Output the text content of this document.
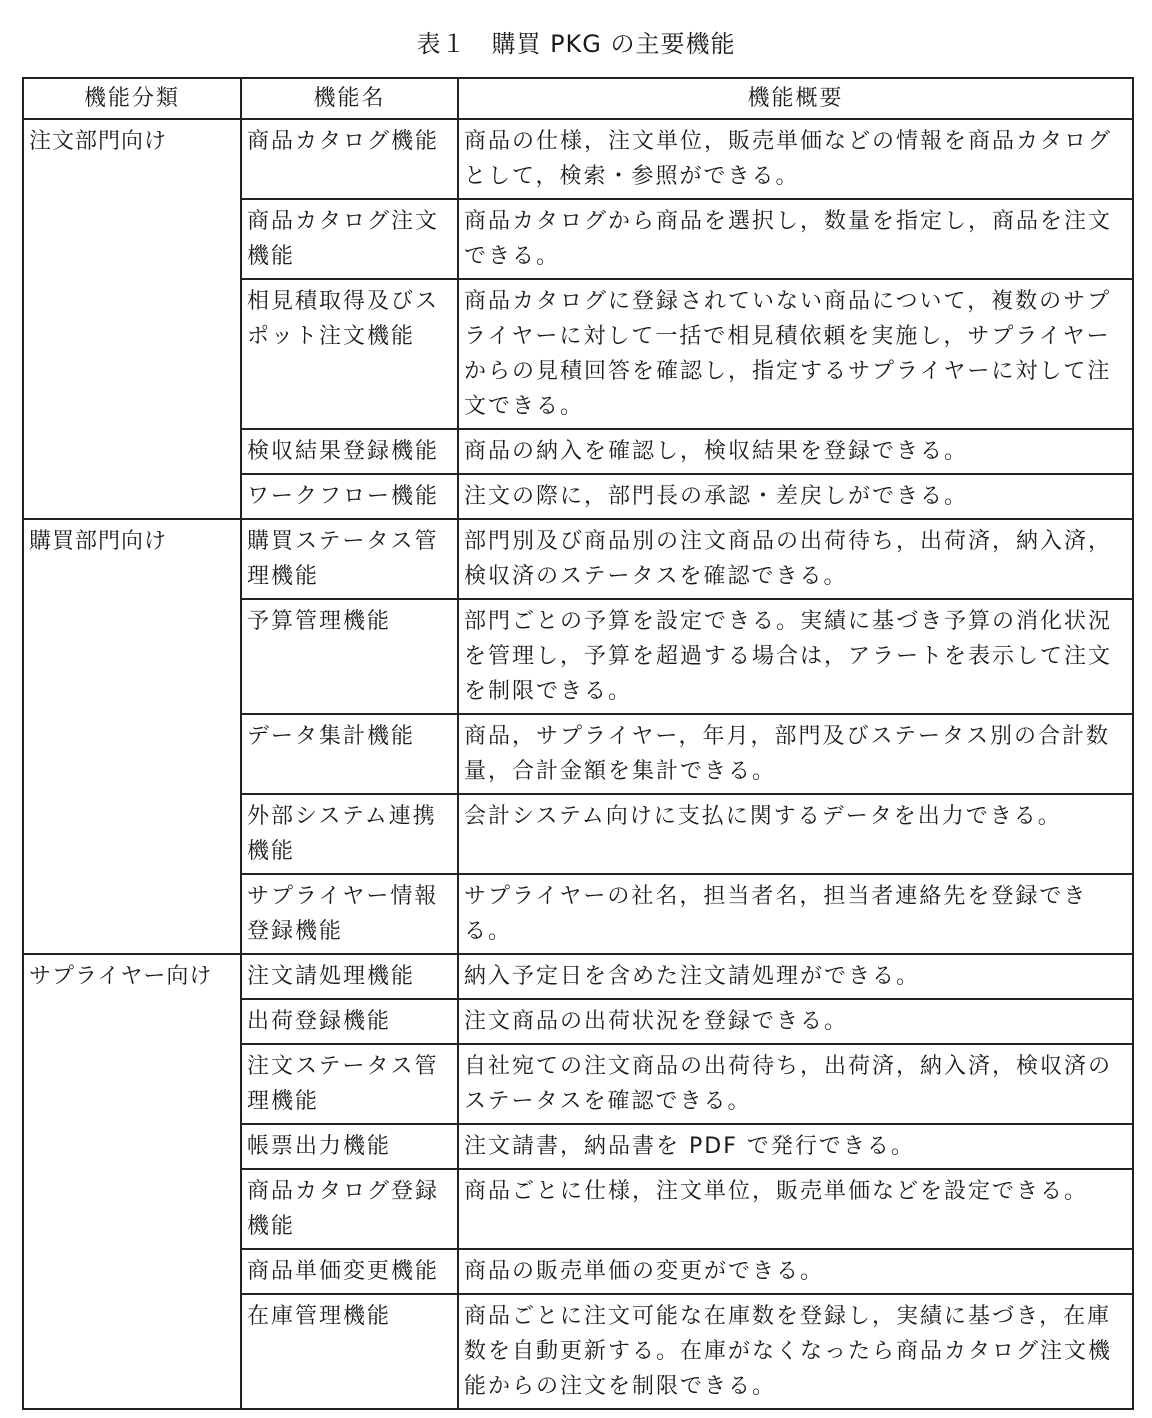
表１　購買 PKG の主要機能
機能分類	機能名	機能概要
注文部門向け	商品カタログ機能	商品の仕様，注文単位，販売単価などの情報を商品カタログとして，検索・参照ができる。
	商品カタログ注文機能	商品カタログから商品を選択し，数量を指定し，商品を注文できる。
	相見積取得及びスポット注文機能	商品カタログに登録されていない商品について，複数のサプライヤーに対して一括で相見積依頼を実施し，サプライヤーからの見積回答を確認し，指定するサプライヤーに対して注文できる。
	検収結果登録機能	商品の納入を確認し，検収結果を登録できる。
	ワークフロー機能	注文の際に，部門長の承認・差戻しができる。
購買部門向け	購買ステータス管理機能	部門別及び商品別の注文商品の出荷待ち，出荷済，納入済，検収済のステータスを確認できる。
	予算管理機能	部門ごとの予算を設定できる。実績に基づき予算の消化状況を管理し，予算を超過する場合は，アラートを表示して注文を制限できる。
	データ集計機能	商品，サプライヤー，年月，部門及びステータス別の合計数量，合計金額を集計できる。
	外部システム連携機能	会計システム向けに支払に関するデータを出力できる。
	サプライヤー情報登録機能	サプライヤーの社名，担当者名，担当者連絡先を登録できる。
サプライヤー向け	注文請処理機能	納入予定日を含めた注文請処理ができる。
	出荷登録機能	注文商品の出荷状況を登録できる。
	注文ステータス管理機能	自社宛ての注文商品の出荷待ち，出荷済，納入済，検収済のステータスを確認できる。
	帳票出力機能	注文請書，納品書を PDF で発行できる。
	商品カタログ登録機能	商品ごとに仕様，注文単位，販売単価などを設定できる。
	商品単価変更機能	商品の販売単価の変更ができる。
	在庫管理機能	商品ごとに注文可能な在庫数を登録し，実績に基づき，在庫数を自動更新する。在庫がなくなったら商品カタログ注文機能からの注文を制限できる。
